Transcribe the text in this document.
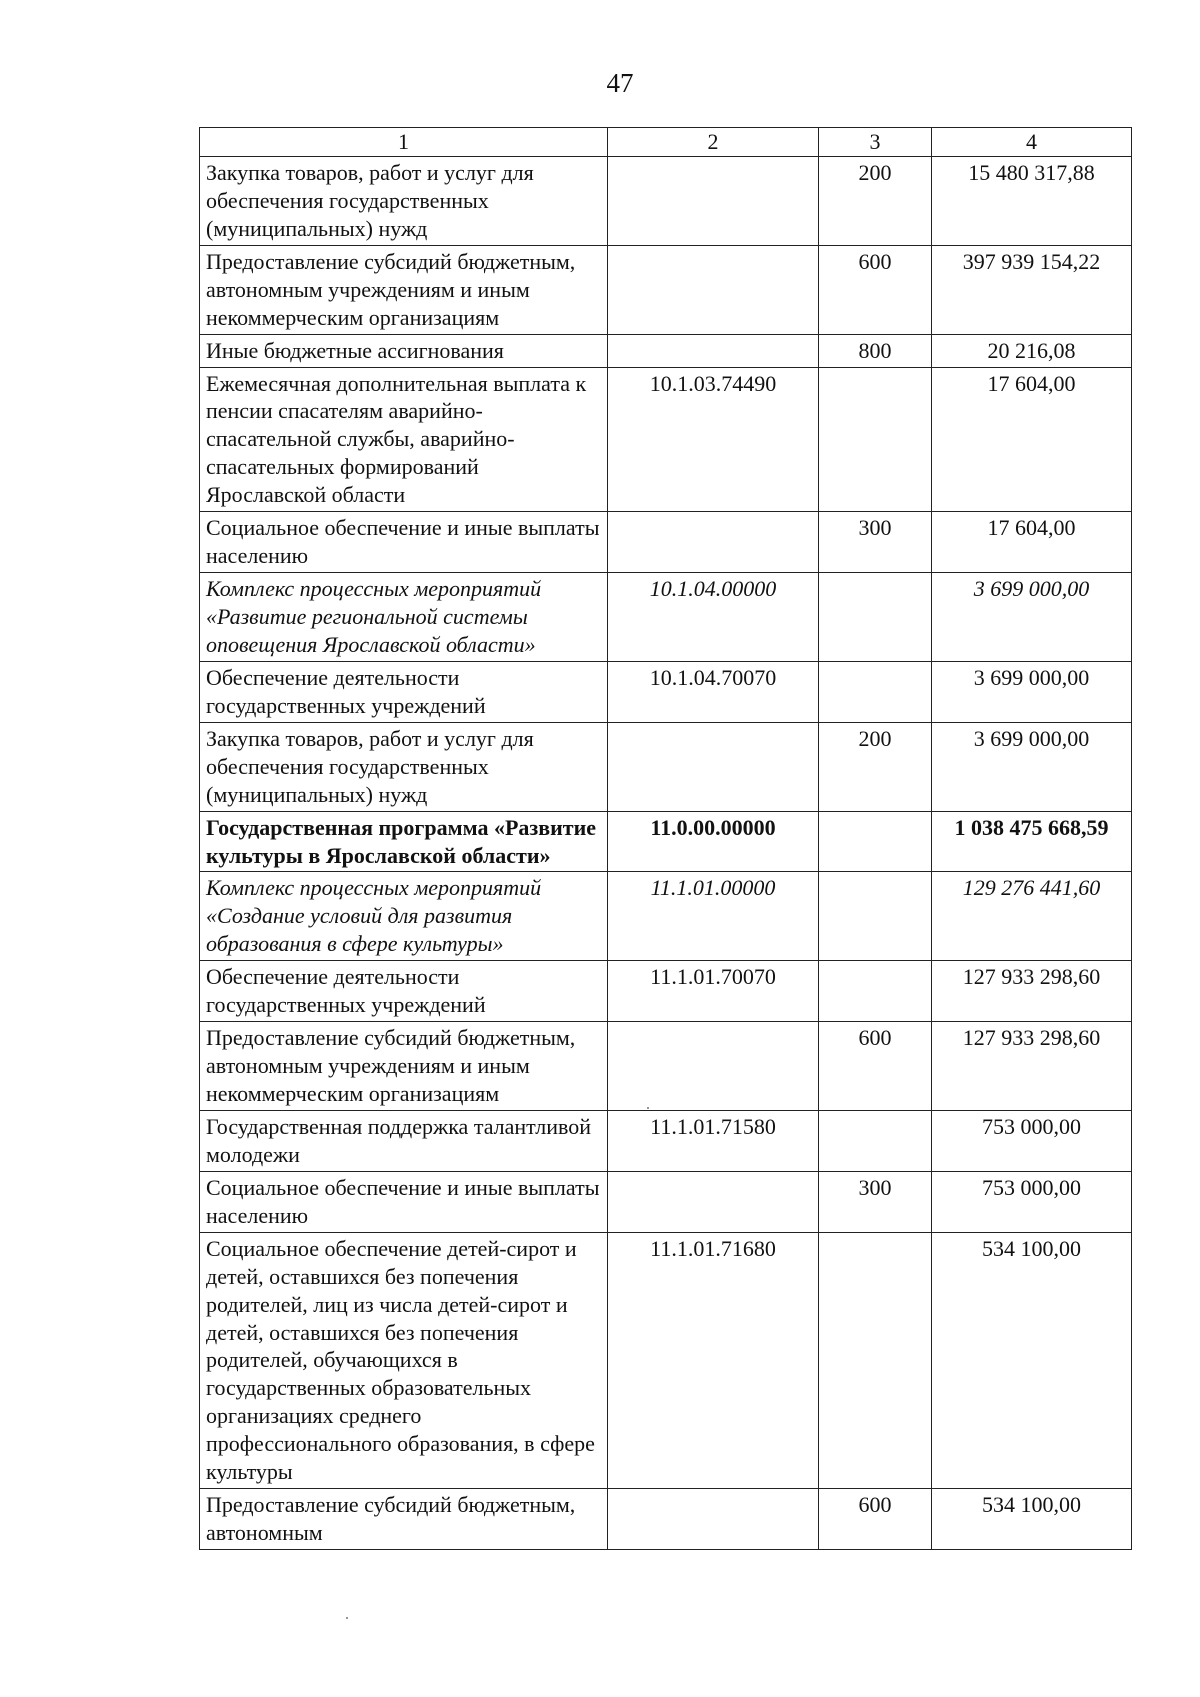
47
1	2	3	4
Закупка товаров, работ и услуг для обеспечения государственных (муниципальных) нужд		200	15 480 317,88
Предоставление субсидий бюджетным, автономным учреждениям и иным некоммерческим организациям		600	397 939 154,22
Иные бюджетные ассигнования		800	20 216,08
Ежемесячная дополнительная выплата к пенсии спасателям аварийно-спасательной службы, аварийно-спасательных формирований Ярославской области	10.1.03.74490		17 604,00
Социальное обеспечение и иные выплаты населению		300	17 604,00
Комплекс процессных мероприятий «Развитие региональной системы оповещения Ярославской области»	10.1.04.00000		3 699 000,00
Обеспечение деятельности государственных учреждений	10.1.04.70070		3 699 000,00
Закупка товаров, работ и услуг для обеспечения государственных (муниципальных) нужд		200	3 699 000,00
Государственная программа «Развитие культуры в Ярославской области»	11.0.00.00000		1 038 475 668,59
Комплекс процессных мероприятий «Создание условий для развития образования в сфере культуры»	11.1.01.00000		129 276 441,60
Обеспечение деятельности государственных учреждений	11.1.01.70070		127 933 298,60
Предоставление субсидий бюджетным, автономным учреждениям и иным некоммерческим организациям		600	127 933 298,60
Государственная поддержка талантливой молодежи	11.1.01.71580		753 000,00
Социальное обеспечение и иные выплаты населению		300	753 000,00
Социальное обеспечение детей-сирот и детей, оставшихся без попечения родителей, лиц из числа детей-сирот и детей, оставшихся без попечения родителей, обучающихся в государственных образовательных организациях среднего профессионального образования, в сфере культуры	11.1.01.71680		534 100,00
Предоставление субсидий бюджетным, автономным		600	534 100,00
